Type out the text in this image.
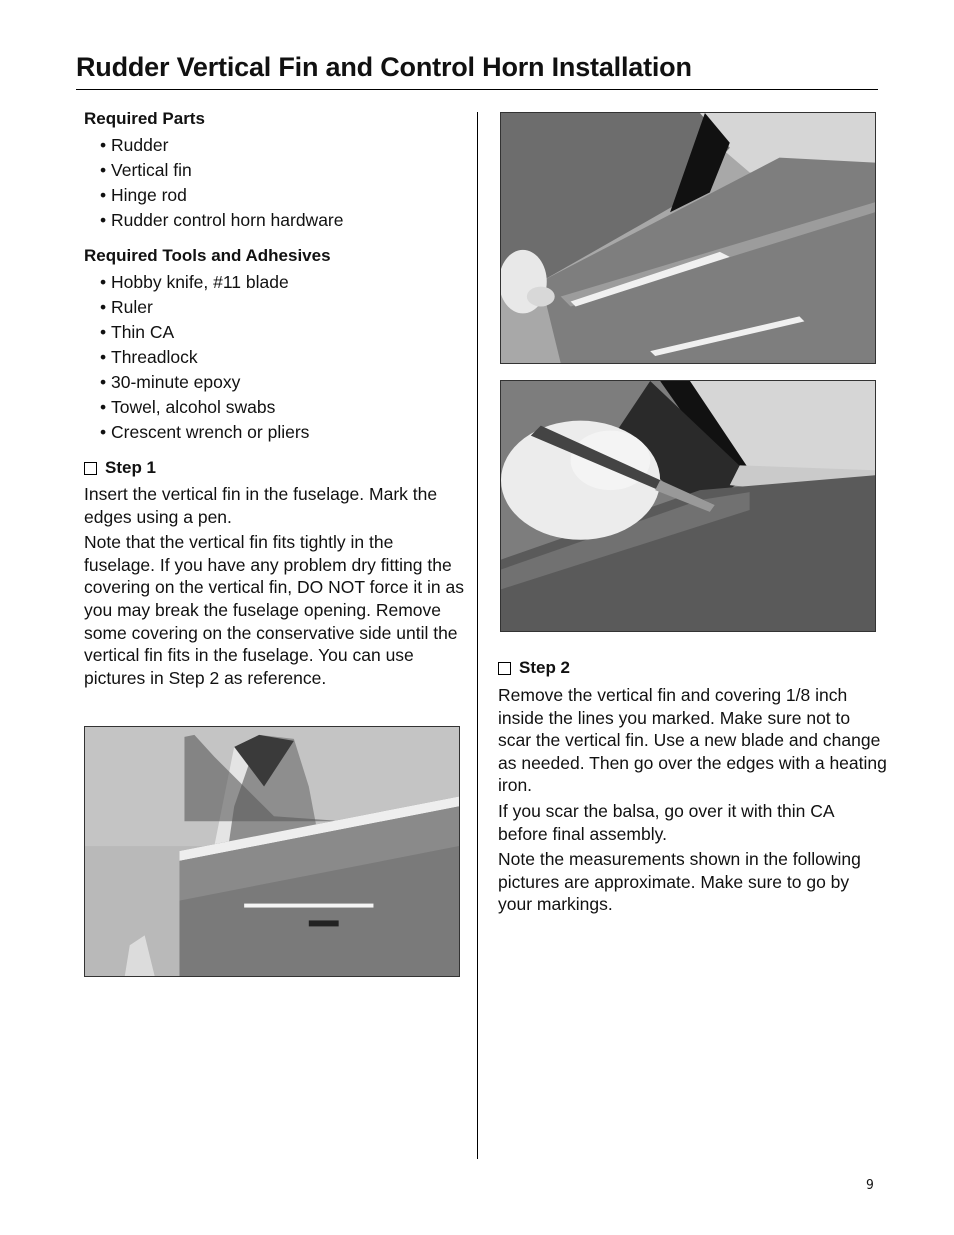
Rudder Vertical Fin and Control Horn Installation

Required Parts

• Rudder
• Vertical fin
• Hinge rod
• Rudder control horn hardware

Required Tools and Adhesives

• Hobby knife, #11 blade
• Ruler
• Thin CA
• Threadlock
• 30-minute epoxy
• Towel, alcohol swabs
• Crescent wrench or pliers

Step 1

Insert the vertical fin in the fuselage. Mark the edges using a pen.

Note that the vertical fin fits tightly in the fuselage. If you have any problem dry fitting the covering on the vertical fin, DO NOT force it in as you may break the fuselage opening. Remove some covering on the conservative side until the vertical fin fits in the fuselage. You can use pictures in Step 2 as reference.

Step 2

Remove the vertical fin and covering 1/8 inch inside the lines you marked. Make sure not to scar the vertical fin. Use a new blade and change as needed. Then go over the edges with a heating iron.

If you scar the balsa, go over it with thin CA before final assembly.

Note the measurements shown in the following pictures are approximate. Make sure to go by your markings.

9
